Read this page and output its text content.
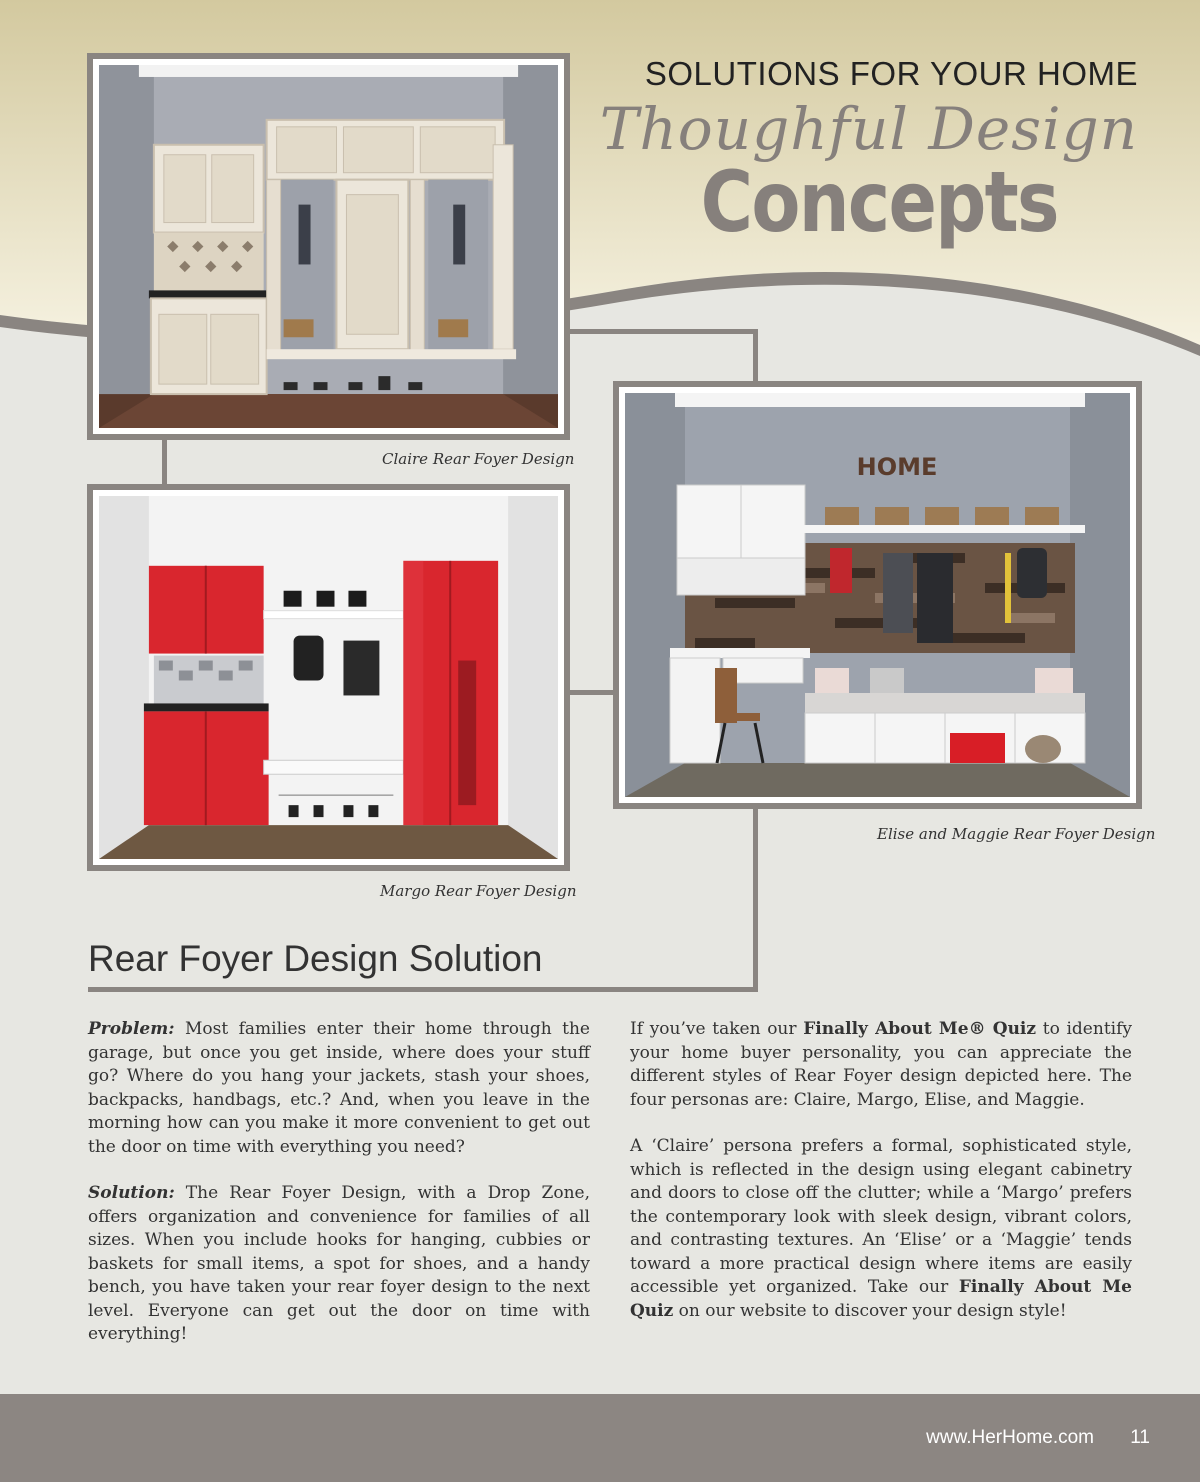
SOLUTIONS FOR YOUR HOME
Thoughful Design
Concepts
Claire Rear Foyer Design
Margo Rear Foyer Design
HOME
Elise and Maggie Rear Foyer Design
Rear Foyer Design Solution

Problem: Most families enter their home through the garage, but once you get inside, where does your stuff go? Where do you hang your jackets, stash your shoes, backpacks, handbags, etc.? And, when you leave in the morning how can you make it more convenient to get out the door on time with everything you need?

Solution: The Rear Foyer Design, with a Drop Zone, offers organization and convenience for families of all sizes. When you include hooks for hanging, cubbies or baskets for small items, a spot for shoes, and a handy bench, you have taken your rear foyer design to the next level. Everyone can get out the door on time with everything!

If you’ve taken our Finally About Me® Quiz to identify your home buyer personality, you can appreciate the different styles of Rear Foyer design depicted here. The four personas are: Claire, Margo, Elise, and Maggie.

A ‘Claire’ persona prefers a formal, sophisticated style, which is reflected in the design using elegant cabinetry and doors to close off the clutter; while a ‘Margo’ prefers the contemporary look with sleek design, vibrant colors, and contrasting textures. An ‘Elise’ or a ‘Maggie’ tends toward a more practical design where items are easily accessible yet organized. Take our Finally About Me Quiz on our website to discover your design style!

www.HerHome.com 11
